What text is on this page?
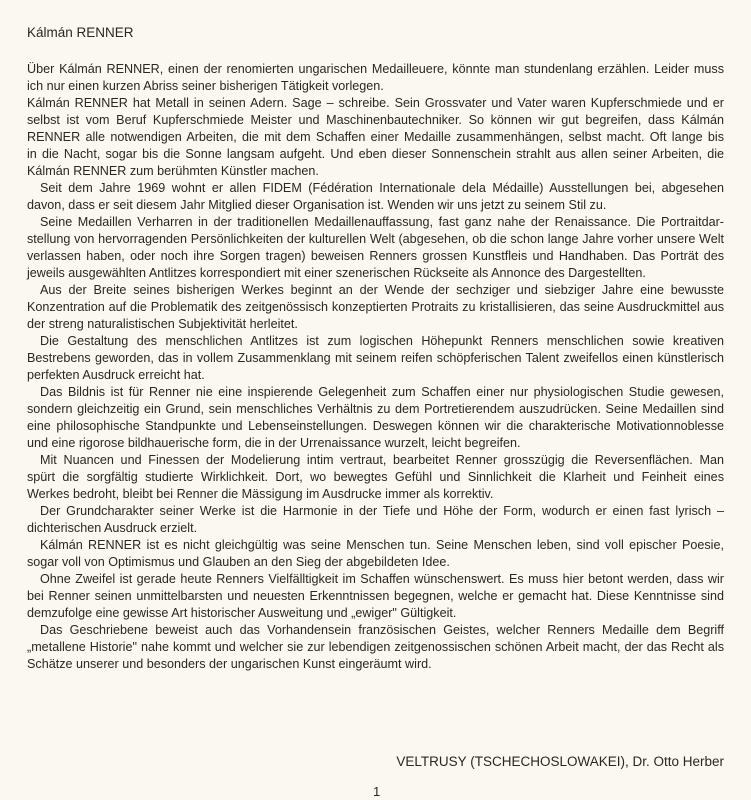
Kálmán RENNER
Über Kálmán RENNER, einen der renomierten ungarischen Medailleuere, könnte man stundenlang erzählen. Leider muss
ich nur einen kurzen Abriss seiner bisherigen Tätigkeit vorlegen.
Kálmán RENNER hat Metall in seinen Adern. Sage – schreibe. Sein Grossvater und Vater waren Kupferschmiede und er
selbst ist vom Beruf Kupferschmiede Meister und Maschinenbautechniker. So können wir gut begreifen, dass Kálmán
RENNER alle notwendigen Arbeiten, die mit dem Schaffen einer Medaille zusammenhängen, selbst macht. Oft lange bis
in die Nacht, sogar bis die Sonne langsam aufgeht. Und eben dieser Sonnenschein strahlt aus allen seiner Arbeiten, die
Kálmán RENNER zum berühmten Künstler machen.
Seit dem Jahre 1969 wohnt er allen FIDEM (Fédération Internationale dela Médaille) Ausstellungen bei, abgesehen
davon, dass er seit diesem Jahr Mitglied dieser Organisation ist. Wenden wir uns jetzt zu seinem Stil zu.
Seine Medaillen Verharren in der traditionellen Medaillenauffassung, fast ganz nahe der Renaissance. Die Portraitdar-
stellung von hervorragenden Persönlichkeiten der kulturellen Welt (abgesehen, ob die schon lange Jahre vorher unsere Welt
verlassen haben, oder noch ihre Sorgen tragen) beweisen Renners grossen Kunstfleis und Handhaben. Das Porträt des
jeweils ausgewählten Antlitzes korrespondiert mit einer szenerischen Rückseite als Annonce des Dargestellten.
Aus der Breite seines bisherigen Werkes beginnt an der Wende der sechziger und siebziger Jahre eine bewusste
Konzentration auf die Problematik des zeitgenössisch konzeptierten Protraits zu kristallisieren, das seine Ausdruckmittel aus
der streng naturalistischen Subjektivität herleitet.
Die Gestaltung des menschlichen Antlitzes ist zum logischen Höhepunkt Renners menschlichen sowie kreativen
Bestrebens geworden, das in vollem Zusammenklang mit seinem reifen schöpferischen Talent zweifellos einen künstlerisch
perfekten Ausdruck erreicht hat.
Das Bildnis ist für Renner nie eine inspierende Gelegenheit zum Schaffen einer nur physiologischen Studie gewesen,
sondern gleichzeitig ein Grund, sein menschliches Verhältnis zu dem Portretierendem auszudrücken. Seine Medaillen sind
eine philosophische Standpunkte und Lebenseinstellungen. Deswegen können wir die charakterische Motivationnoblesse
und eine rigorose bildhauerische form, die in der Urrenaissance wurzelt, leicht begreifen.
Mit Nuancen und Finessen der Modelierung intim vertraut, bearbeitet Renner grosszügig die Reversenflächen. Man
spürt die sorgfältig studierte Wirklichkeit. Dort, wo bewegtes Gefühl und Sinnlichkeit die Klarheit und Feinheit eines
Werkes bedroht, bleibt bei Renner die Mässigung im Ausdrucke immer als korrektiv.
Der Grundcharakter seiner Werke ist die Harmonie in der Tiefe und Höhe der Form, wodurch er einen fast lyrisch –
dichterischen Ausdruck erzielt.
Kálmán RENNER ist es nicht gleichgültig was seine Menschen tun. Seine Menschen leben, sind voll epischer Poesie,
sogar voll von Optimismus und Glauben an den Sieg der abgebildeten Idee.
Ohne Zweifel ist gerade heute Renners Vielfälltigkeit im Schaffen wünschenswert. Es muss hier betont werden, dass wir
bei Renner seinen unmittelbarsten und neuesten Erkenntnissen begegnen, welche er gemacht hat. Diese Kenntnisse sind
demzufolge eine gewisse Art historischer Ausweitung und „ewiger" Gültigkeit.
Das Geschriebene beweist auch das Vorhandensein französischen Geistes, welcher Renners Medaille dem Begriff
„metallene Historie" nahe kommt und welcher sie zur lebendigen zeitgenossischen schönen Arbeit macht, der das Recht als
Schätze unserer und besonders der ungarischen Kunst eingeräumt wird.
VELTRUSY (TSCHECHOSLOWAKEI), Dr. Otto Herber
1
